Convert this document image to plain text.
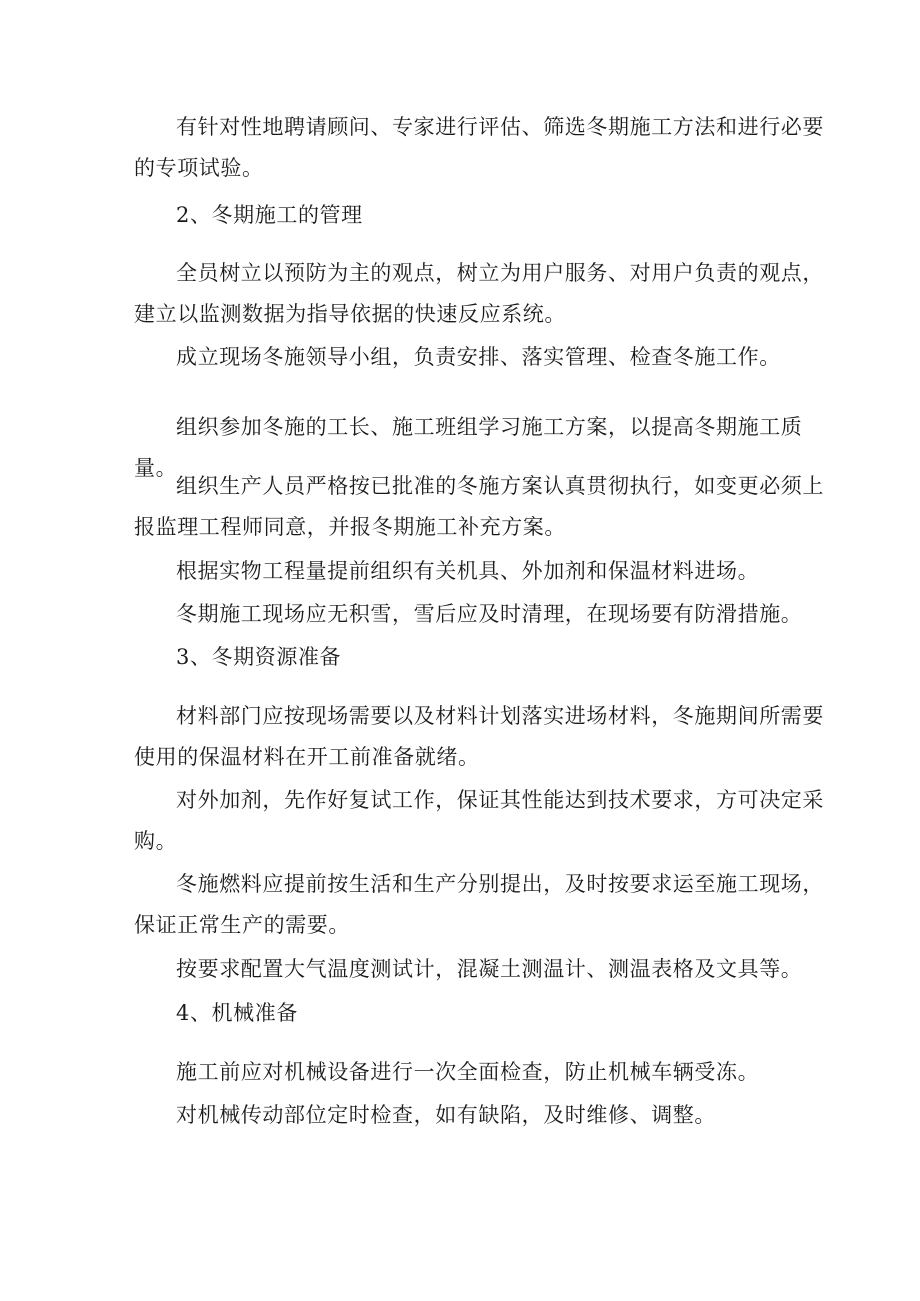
有针对性地聘请顾问、专家进行评估、筛选冬期施工方法和进行必要
的专项试验。

2、冬期施工的管理

全员树立以预防为主的观点，树立为用户服务、对用户负责的观点，
建立以监测数据为指导依据的快速反应系统。

成立现场冬施领导小组，负责安排、落实管理、检查冬施工作。

组织参加冬施的工长、施工班组学习施工方案，以提高冬期施工质
量。

组织生产人员严格按已批准的冬施方案认真贯彻执行，如变更必须上
报监理工程师同意，并报冬期施工补充方案。

根据实物工程量提前组织有关机具、外加剂和保温材料进场。

冬期施工现场应无积雪，雪后应及时清理，在现场要有防滑措施。

3、冬期资源准备

材料部门应按现场需要以及材料计划落实进场材料，冬施期间所需要
使用的保温材料在开工前准备就绪。

对外加剂，先作好复试工作，保证其性能达到技术要求，方可决定采
购。

冬施燃料应提前按生活和生产分别提出，及时按要求运至施工现场，
保证正常生产的需要。

按要求配置大气温度测试计，混凝土测温计、测温表格及文具等。

4、机械准备

施工前应对机械设备进行一次全面检查，防止机械车辆受冻。

对机械传动部位定时检查，如有缺陷，及时维修、调整。
